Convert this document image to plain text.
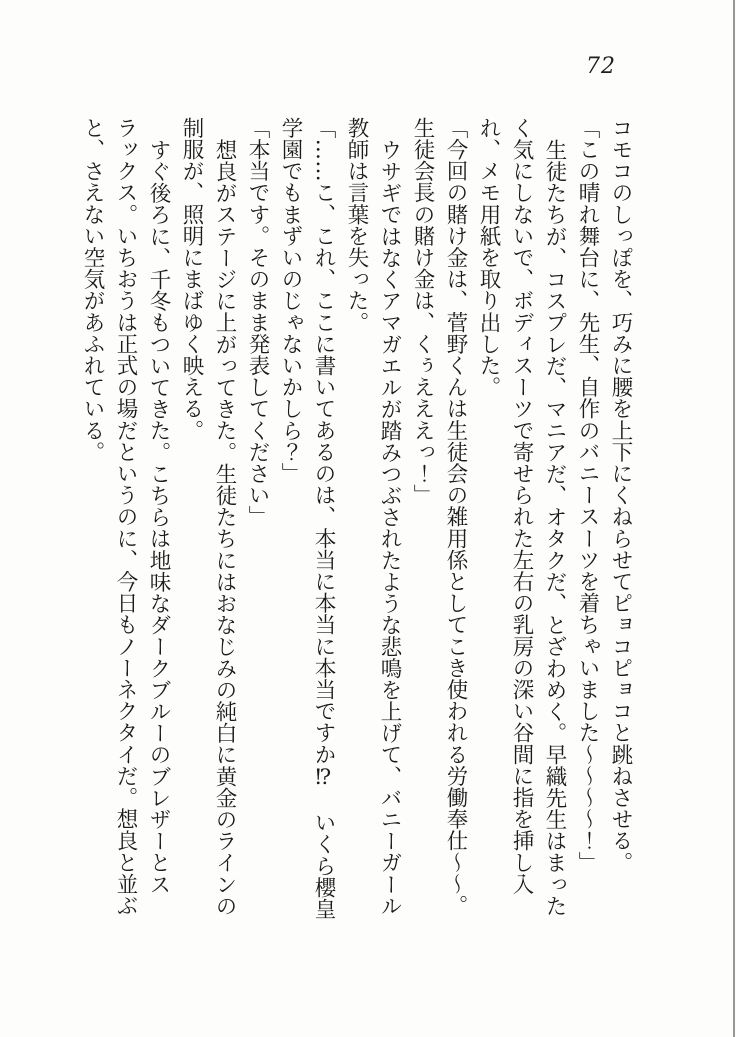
72

コモコのしっぽを、巧みに腰を上下にくねらせてピョコピョコと跳ねさせる。

「この晴れ舞台に、先生、自作のバニースーツを着ちゃいました〜〜〜〜！」

生徒たちが、コスプレだ、マニアだ、オタクだ、とざわめく。早織先生はまったく気にしないで、ボディスーツで寄せられた左右の乳房の深い谷間に指を挿し入れ、メモ用紙を取り出した。

「今回の賭け金は、菅野くんは生徒会の雑用係としてこき使われる労働奉仕〜〜。生徒会長の賭け金は、くぅえええっ！」

ウサギではなくアマガエルが踏みつぶされたような悲鳴を上げて、バニーガール教師は言葉を失った。

「……こ、これ、ここに書いてあるのは、本当に本当に本当ですか⁉　いくら櫻皇学園でもまずいのじゃないかしら？」

「本当です。そのまま発表してください」

想良がステージに上がってきた。生徒たちにはおなじみの純白に黄金のラインの制服が、照明にまばゆく映える。

すぐ後ろに、千冬もついてきた。こちらは地味なダークブルーのブレザーとスラックス。いちおうは正式の場だというのに、今日もノーネクタイだ。想良と並ぶと、さえない空気があふれている。
